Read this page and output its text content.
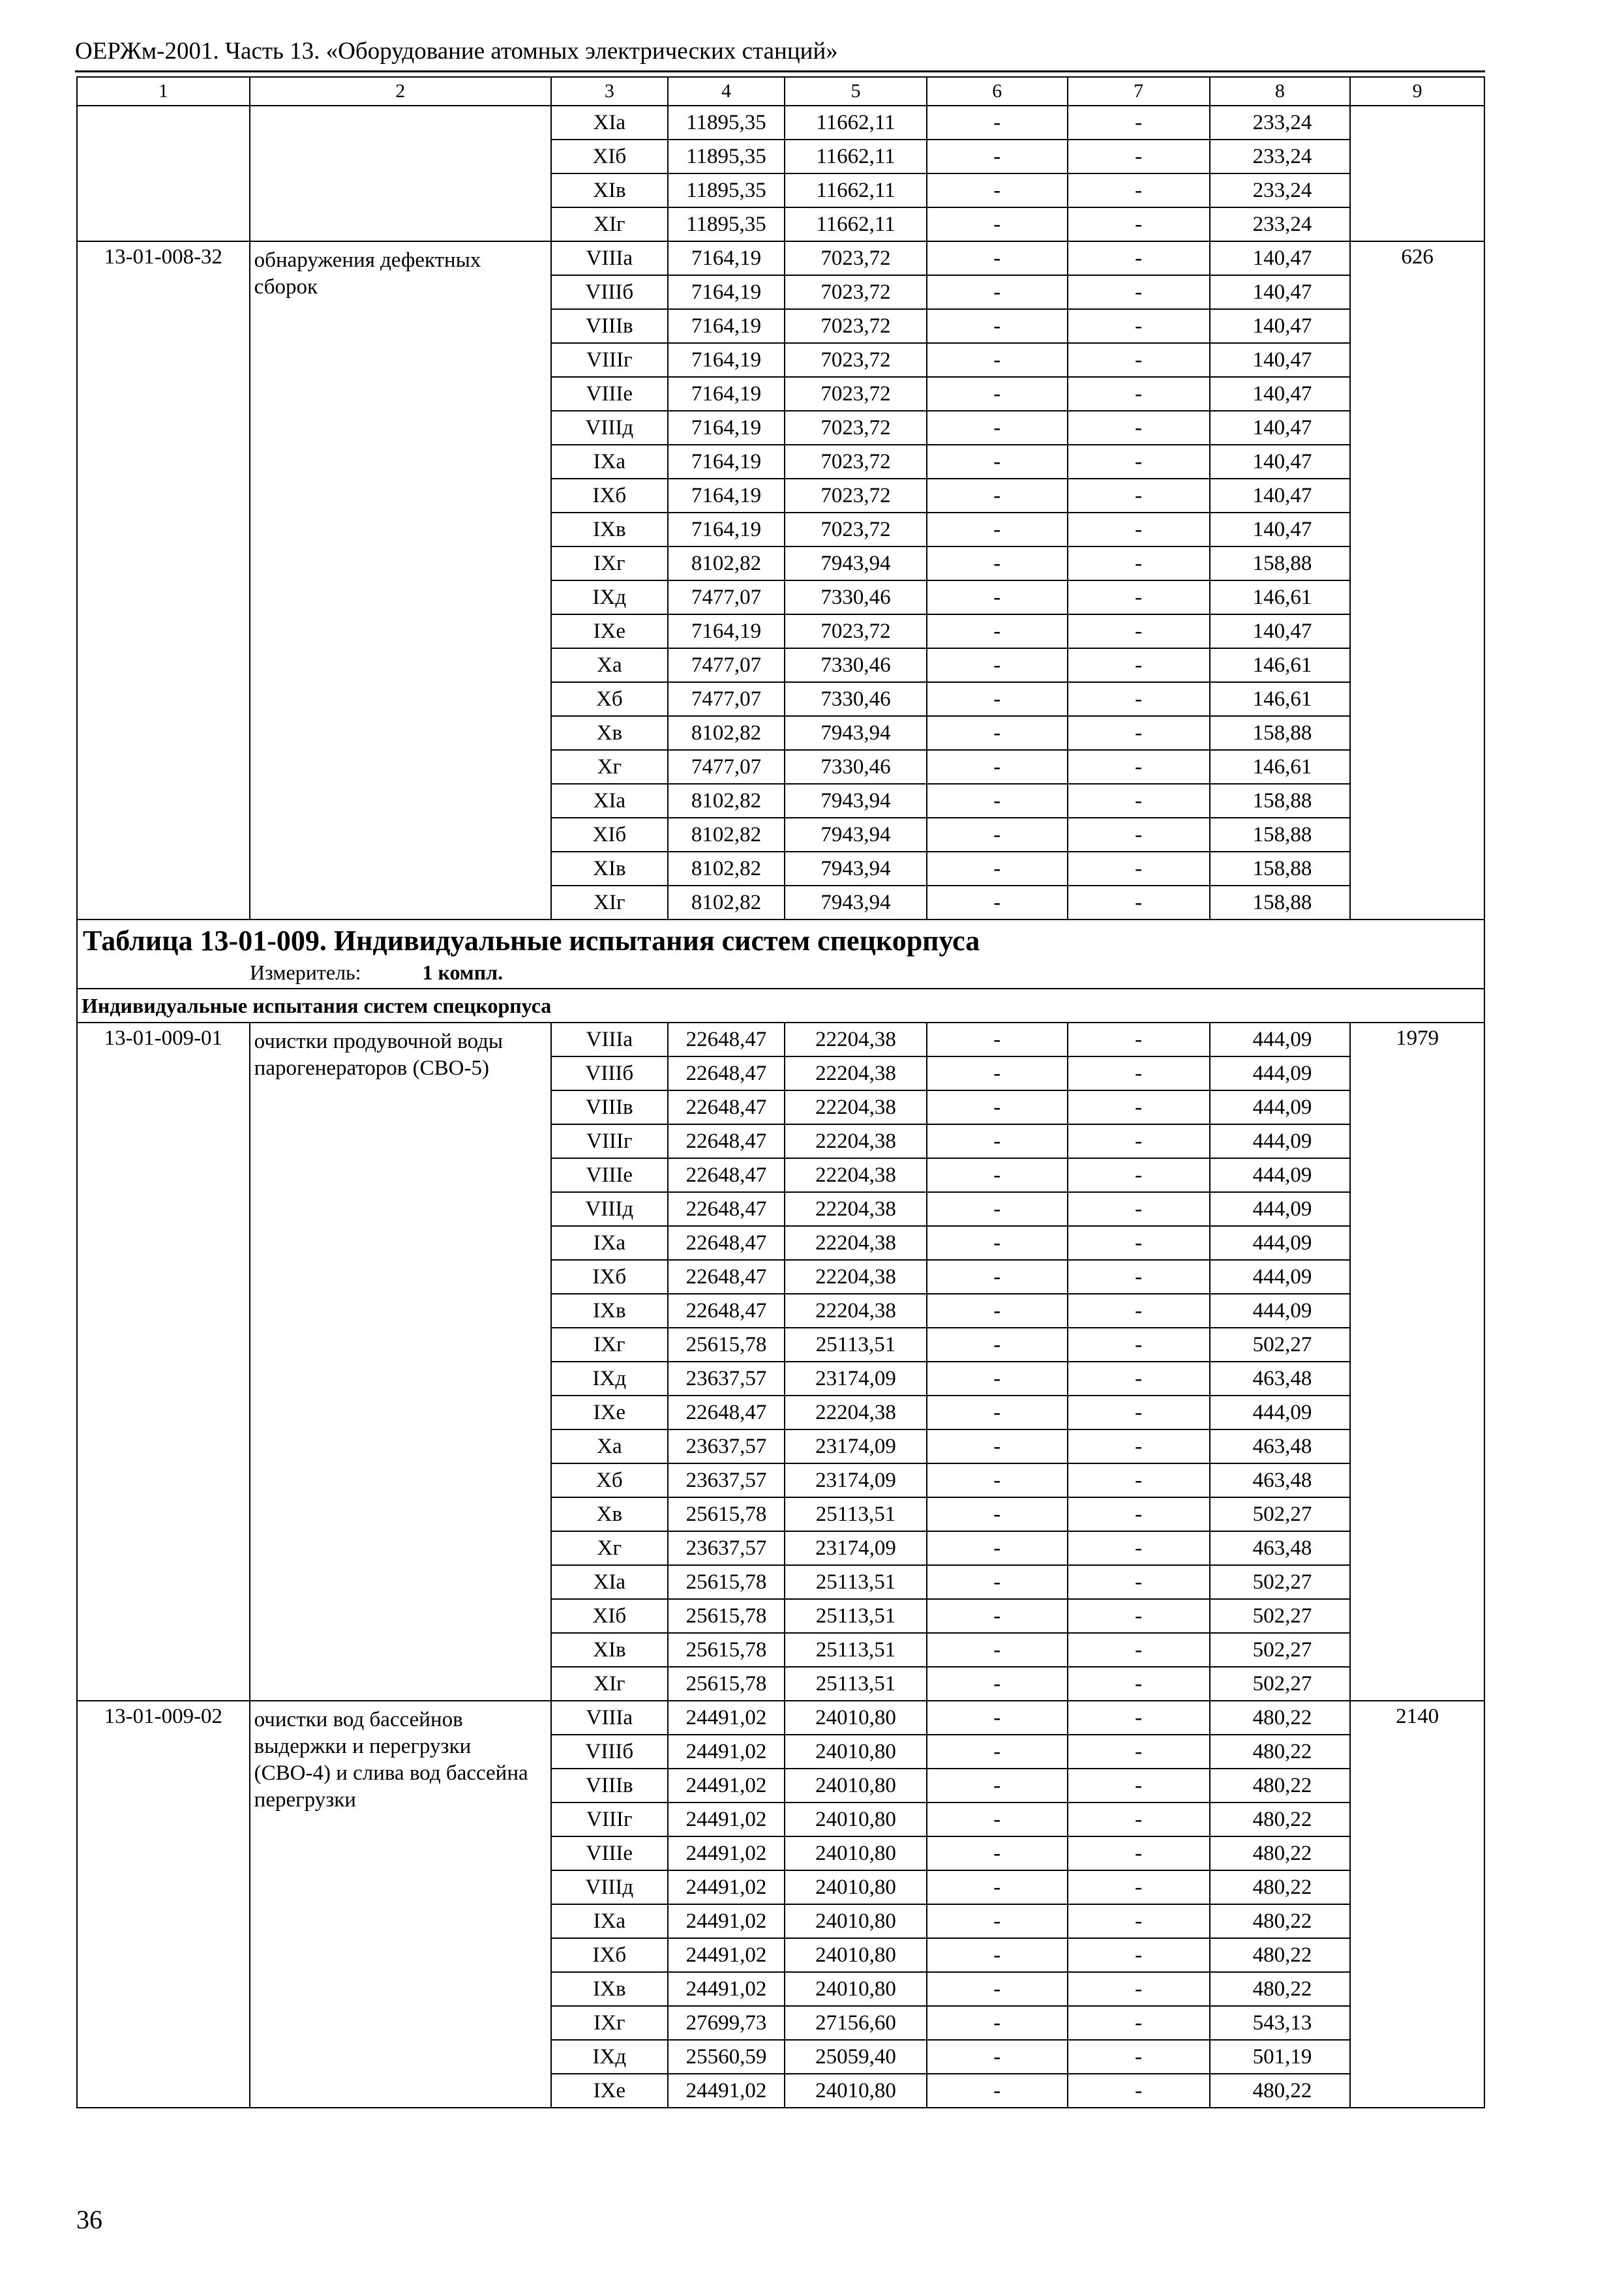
ОЕРЖм-2001. Часть 13. «Оборудование атомных электрических станций»
1	2	3	4	5	6	7	8	9
		XIа	11895,35	11662,11	-	-	233,24	
		XIб	11895,35	11662,11	-	-	233,24	
		XIв	11895,35	11662,11	-	-	233,24	
		XIг	11895,35	11662,11	-	-	233,24	
13-01-008-32	обнаружения дефектных сборок	VIIIа	7164,19	7023,72	-	-	140,47	626
		VIIIб	7164,19	7023,72	-	-	140,47	
		VIIIв	7164,19	7023,72	-	-	140,47	
		VIIIг	7164,19	7023,72	-	-	140,47	
		VIIIе	7164,19	7023,72	-	-	140,47	
		VIIIд	7164,19	7023,72	-	-	140,47	
		IXа	7164,19	7023,72	-	-	140,47	
		IXб	7164,19	7023,72	-	-	140,47	
		IXв	7164,19	7023,72	-	-	140,47	
		IXг	8102,82	7943,94	-	-	158,88	
		IXд	7477,07	7330,46	-	-	146,61	
		IXе	7164,19	7023,72	-	-	140,47	
		Xа	7477,07	7330,46	-	-	146,61	
		Xб	7477,07	7330,46	-	-	146,61	
		Xв	8102,82	7943,94	-	-	158,88	
		Xг	7477,07	7330,46	-	-	146,61	
		XIа	8102,82	7943,94	-	-	158,88	
		XIб	8102,82	7943,94	-	-	158,88	
		XIв	8102,82	7943,94	-	-	158,88	
		XIг	8102,82	7943,94	-	-	158,88	

Таблица 13-01-009. Индивидуальные испытания систем спецкорпуса
Измеритель: 1 компл.								

Индивидуальные испытания систем спецкорпуса								
13-01-009-01	очистки продувочной воды парогенераторов (СВО-5)	VIIIа	22648,47	22204,38	-	-	444,09	1979
		VIIIб	22648,47	22204,38	-	-	444,09	
		VIIIв	22648,47	22204,38	-	-	444,09	
		VIIIг	22648,47	22204,38	-	-	444,09	
		VIIIе	22648,47	22204,38	-	-	444,09	
		VIIIд	22648,47	22204,38	-	-	444,09	
		IXа	22648,47	22204,38	-	-	444,09	
		IXб	22648,47	22204,38	-	-	444,09	
		IXв	22648,47	22204,38	-	-	444,09	
		IXг	25615,78	25113,51	-	-	502,27	
		IXд	23637,57	23174,09	-	-	463,48	
		IXе	22648,47	22204,38	-	-	444,09	
		Xа	23637,57	23174,09	-	-	463,48	
		Xб	23637,57	23174,09	-	-	463,48	
		Xв	25615,78	25113,51	-	-	502,27	
		Xг	23637,57	23174,09	-	-	463,48	
		XIа	25615,78	25113,51	-	-	502,27	
		XIб	25615,78	25113,51	-	-	502,27	
		XIв	25615,78	25113,51	-	-	502,27	
		XIг	25615,78	25113,51	-	-	502,27	
13-01-009-02	очистки вод бассейнов выдержки и перегрузки (СВО-4) и слива вод бассейна перегрузки	VIIIа	24491,02	24010,80	-	-	480,22	2140
		VIIIб	24491,02	24010,80	-	-	480,22	
		VIIIв	24491,02	24010,80	-	-	480,22	
		VIIIг	24491,02	24010,80	-	-	480,22	
		VIIIе	24491,02	24010,80	-	-	480,22	
		VIIIд	24491,02	24010,80	-	-	480,22	
		IXа	24491,02	24010,80	-	-	480,22	
		IXб	24491,02	24010,80	-	-	480,22	
		IXв	24491,02	24010,80	-	-	480,22	
		IXг	27699,73	27156,60	-	-	543,13	
		IXд	25560,59	25059,40	-	-	501,19	
		IXе	24491,02	24010,80	-	-	480,22	
36
